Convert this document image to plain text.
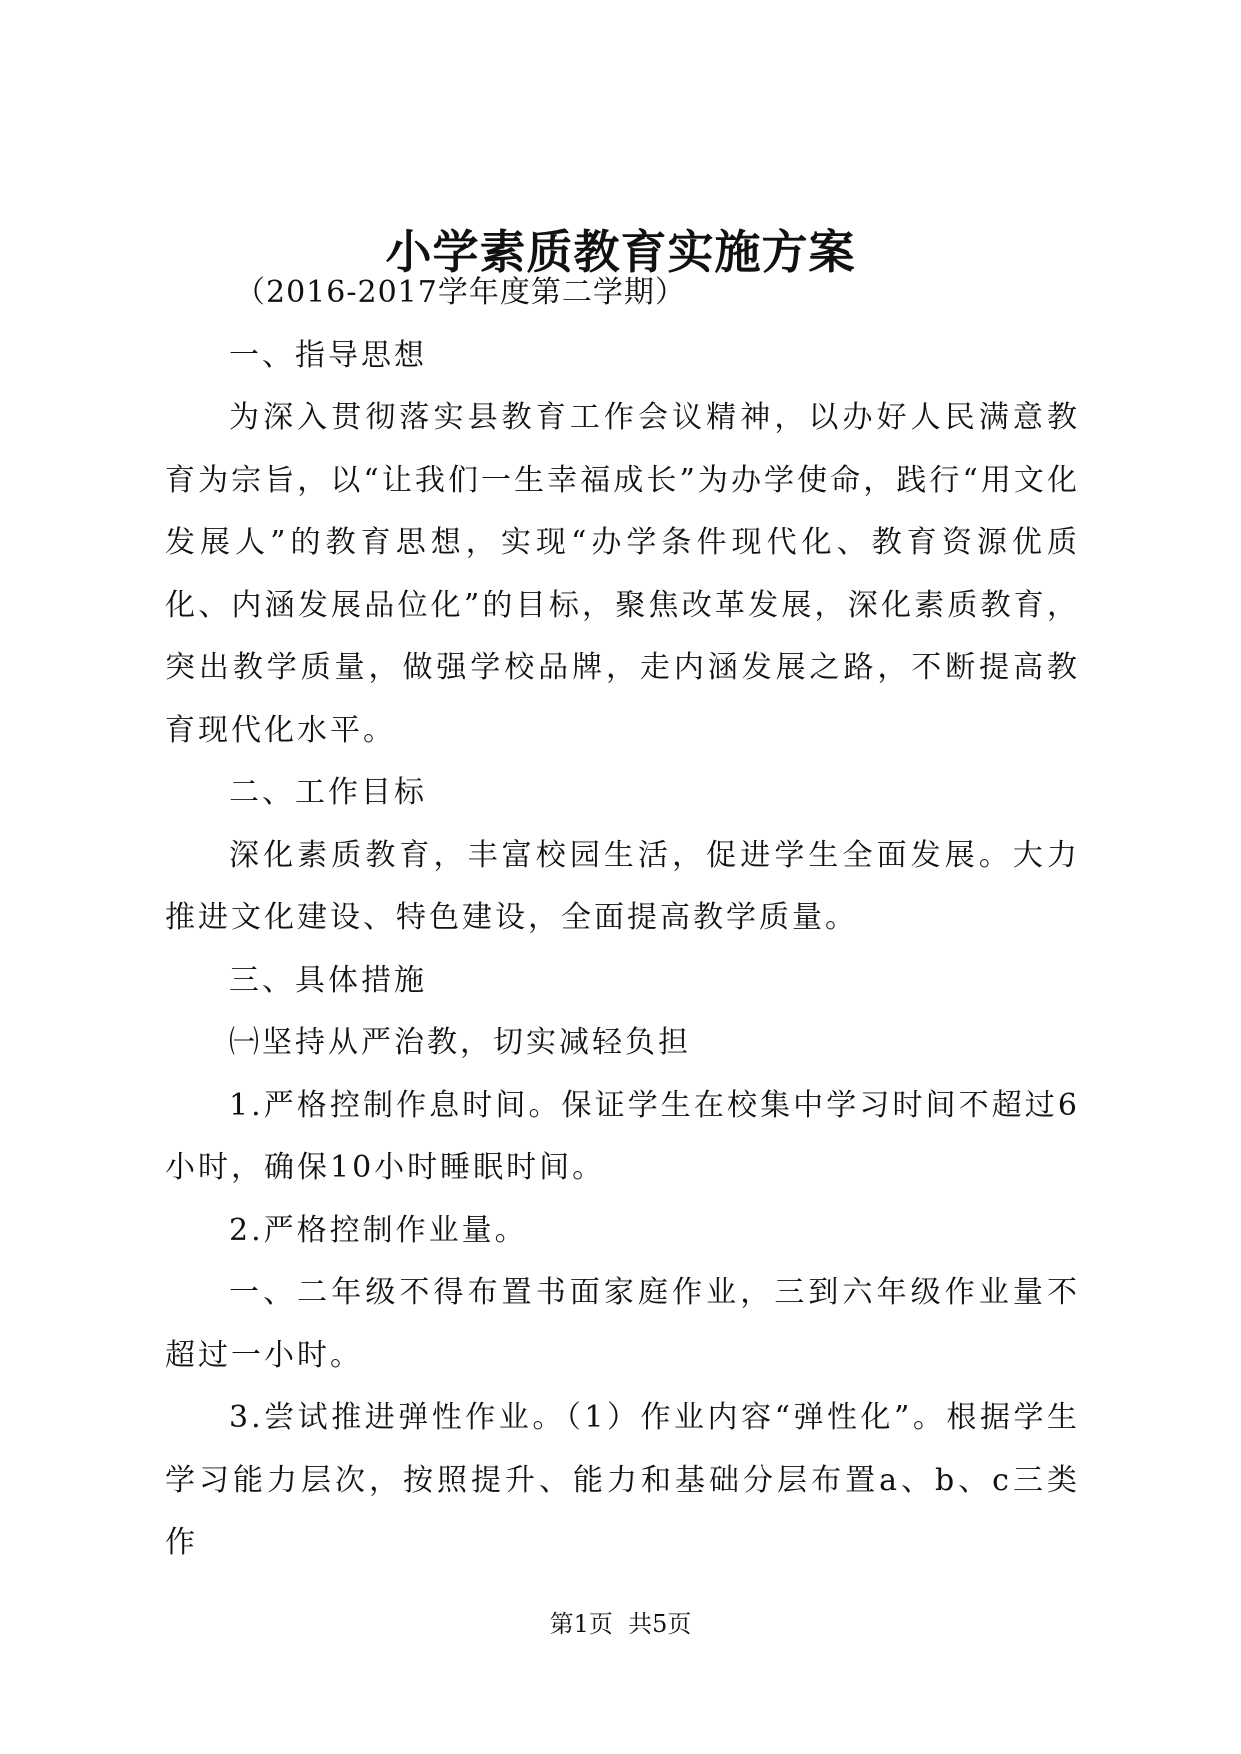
小学素质教育实施方案

（2016-2017学年度第二学期）

一、指导思想

为深入贯彻落实县教育工作会议精神，以办好人民满意教育为宗旨，以“让我们一生幸福成长”为办学使命，践行“用文化发展人”的教育思想，实现“办学条件现代化、教育资源优质化、内涵发展品位化”的目标，聚焦改革发展，深化素质教育，突出教学质量，做强学校品牌，走内涵发展之路，不断提高教育现代化水平。

二、工作目标

深化素质教育，丰富校园生活，促进学生全面发展。大力推进文化建设、特色建设，全面提高教学质量。

三、具体措施

㈠坚持从严治教，切实减轻负担

1.严格控制作息时间。保证学生在校集中学习时间不超过6小时，确保10小时睡眠时间。

2.严格控制作业量。

一、二年级不得布置书面家庭作业，三到六年级作业量不超过一小时。

3.尝试推进弹性作业。（1）作业内容“弹性化”。根据学生学习能力层次，按照提升、能力和基础分层布置a、b、c三类作

第1页  共5页
